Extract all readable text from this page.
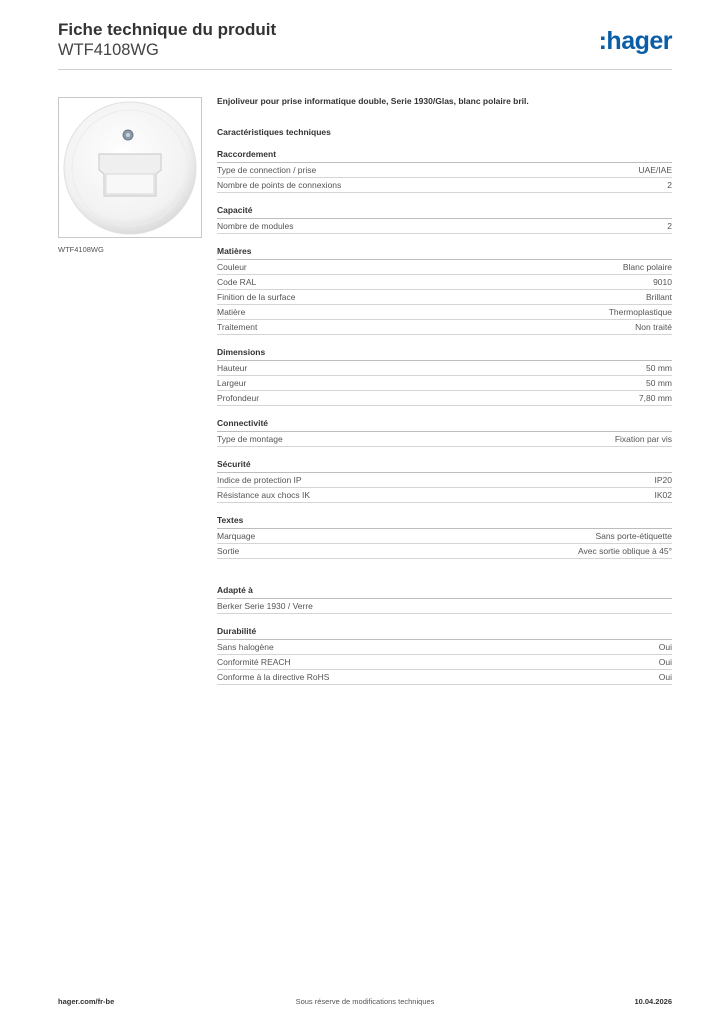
Fiche technique du produit
WTF4108WG	:hager
WTF4108WG
Enjoliveur pour prise informatique double, Serie 1930/Glas, blanc polaire bril.
Caractéristiques techniques
Raccordement
Type de connection / prise	UAE/IAE
Nombre de points de connexions	2
Capacité
Nombre de modules	2
Matières
Couleur	Blanc polaire
Code RAL	9010
Finition de la surface	Brillant
Matière	Thermoplastique
Traitement	Non traité
Dimensions
Hauteur	50 mm
Largeur	50 mm
Profondeur	7,80 mm
Connectivité
Type de montage	Fixation par vis
Sécurité
Indice de protection IP	IP20
Résistance aux chocs IK	IK02
Textes
Marquage	Sans porte-étiquette
Sortie	Avec sortie oblique à 45°
Adapté à
Berker Serie 1930 / Verre
Durabilité
Sans halogène	Oui
Conformité REACH	Oui
Conforme à la directive RoHS	Oui
hager.com/fr-be	Sous réserve de modifications techniques	10.04.2026
